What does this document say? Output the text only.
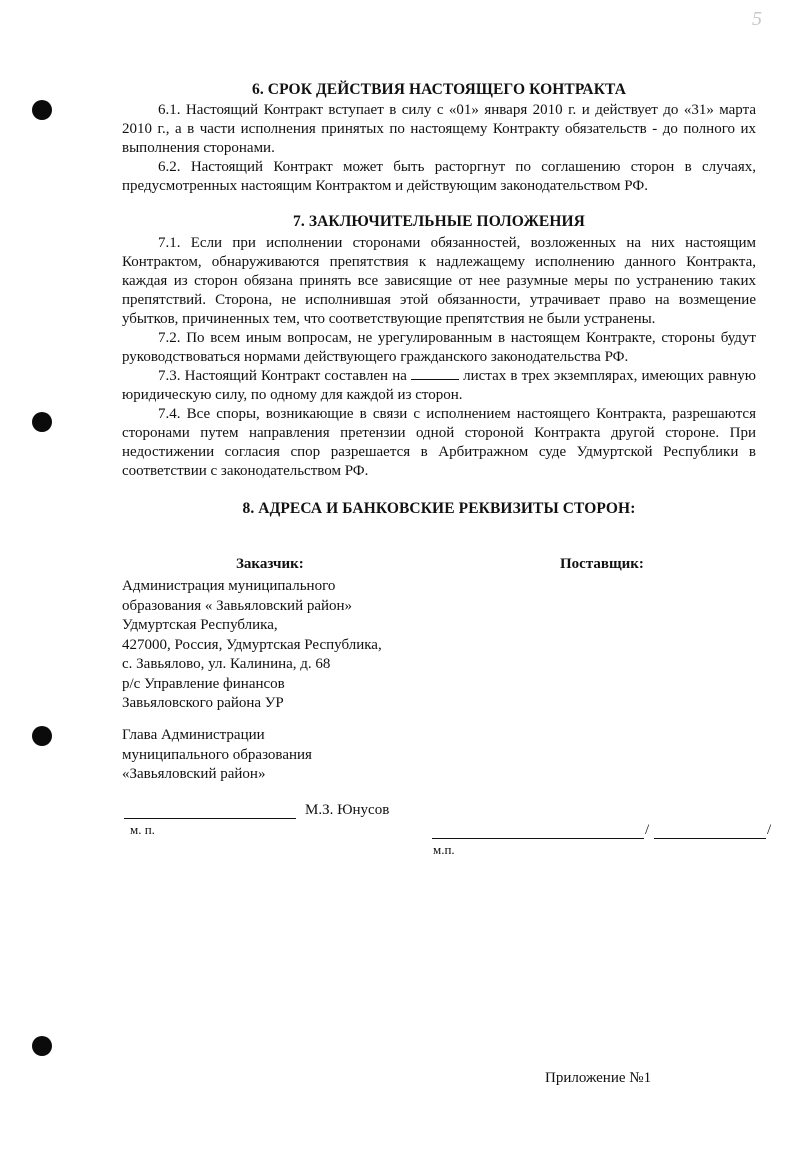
5
6. СРОК ДЕЙСТВИЯ НАСТОЯЩЕГО КОНТРАКТА

6.1. Настоящий Контракт вступает в силу с «01» января 2010 г. и действует до «31» марта 2010 г., а в части исполнения принятых по настоящему Контракту обязательств - до полного их выполнения сторонами.

6.2. Настоящий Контракт может быть расторгнут по соглашению сторон в случаях, предусмотренных настоящим Контрактом и действующим законодательством РФ.

7. ЗАКЛЮЧИТЕЛЬНЫЕ ПОЛОЖЕНИЯ

7.1. Если при исполнении сторонами обязанностей, возложенных на них настоящим Контрактом, обнаруживаются препятствия к надлежащему исполнению данного Контракта, каждая из сторон обязана принять все зависящие от нее разумные меры по устранению таких препятствий. Сторона, не исполнившая этой обязанности, утрачивает право на возмещение убытков, причиненных тем, что соответствующие препятствия не были устранены.

7.2. По всем иным вопросам, не урегулированным в настоящем Контракте, стороны будут руководствоваться нормами действующего гражданского законодательства РФ.

7.3. Настоящий Контракт составлен на	листах в трех экземплярах, имеющих равную юридическую силу, по одному для каждой из сторон.

7.4. Все споры, возникающие в связи с исполнением настоящего Контракта, разрешаются сторонами путем направления претензии одной стороной Контракта другой стороне. При недостижении согласия спор разрешается в Арбитражном суде Удмуртской Республики в соответствии с законодательством РФ.

8. АДРЕСА И БАНКОВСКИЕ РЕКВИЗИТЫ СТОРОН:
Заказчик:	Поставщик:
Администрация муниципального
образования « Завьяловский район»
Удмуртская Республика,
427000, Россия, Удмуртская Республика,
с. Завьялово, ул. Калинина, д. 68
р/с Управление финансов
Завьяловского района УР
Глава Администрации
муниципального образования
«Завьяловский район»
М.З. Юнусов
м. п.	/	/
м.п.
Приложение №1
